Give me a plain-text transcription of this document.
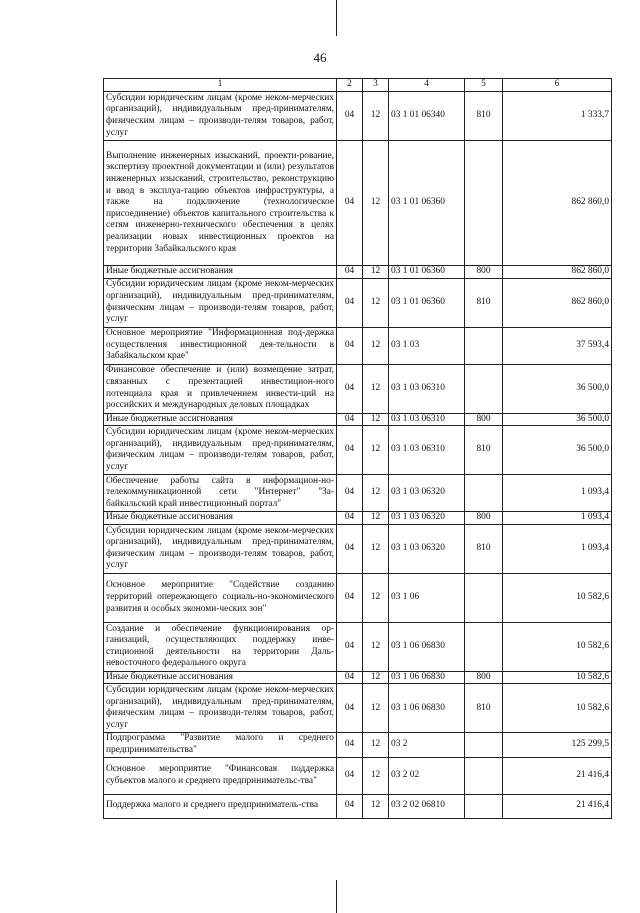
46
1	2	3	4	5	6
Субсидии юридическим лицам (кроме неком-мерческих организаций), индивидуальным пред-принимателям, физическим лицам – производи-телям товаров, работ, услуг	04	12	03 1 01 06340	810	1 333,7
Выполнение инженерных изысканий, проекти-рование, экспертизу проектной документации и (или) результатов инженерных изысканий, строительство, реконструкцию и ввод в эксплуа-тацию объектов инфраструктуры, а также на подключение (технологическое присоединение) объектов капитального строительства к сетям инженерно-технического обеспечения в целях реализации новых инвестиционных проектов на территории Забайкальского края	04	12	03 1 01 06360		862 860,0
Иные бюджетные ассигнования	04	12	03 1 01 06360	800	862 860,0
Субсидии юридическим лицам (кроме неком-мерческих организаций), индивидуальным пред-принимателям, физическим лицам – производи-телям товаров, работ, услуг	04	12	03 1 01 06360	810	862 860,0
Основное мероприятие "Информационная под-держка осуществления инвестиционной дея-тельности в Забайкальском крае"	04	12	03 1 03		37 593,4
Финансовое обеспечение и (или) возмещение затрат, связанных с презентацией инвестицион-ного потенциала края и привлечением инвести-ций на российских и международных деловых площадках	04	12	03 1 03 06310		36 500,0
Иные бюджетные ассигнования	04	12	03 1 03 06310	800	36 500,0
Субсидии юридическим лицам (кроме неком-мерческих организаций), индивидуальным пред-принимателям, физическим лицам – производи-телям товаров, работ, услуг	04	12	03 1 03 06310	810	36 500,0
Обеспечение работы сайта в информацион-но-телекоммуникационной сети "Интернет" "За-байкальский край инвестиционный портал"	04	12	03 1 03 06320		1 093,4
Иные бюджетные ассигнования	04	12	03 1 03 06320	800	1 093,4
Субсидии юридическим лицам (кроме неком-мерческих организаций), индивидуальным пред-принимателям, физическим лицам – производи-телям товаров, работ, услуг	04	12	03 1 03 06320	810	1 093,4
Основное мероприятие "Содействие созданию территорий опережающего социаль-но-экономического развития и особых экономи-ческих зон"	04	12	03 1 06		10 582,6
Создание и обеспечение функционирования ор-ганизаций, осуществляющих поддержку инве-стиционной деятельности на территории Даль-невосточного федерального округа	04	12	03 1 06 06830		10 582,6
Иные бюджетные ассигнования	04	12	03 1 06 06830	800	10 582,6
Субсидии юридическим лицам (кроме неком-мерческих организаций), индивидуальным пред-принимателям, физическим лицам – производи-телям товаров, работ, услуг	04	12	03 1 06 06830	810	10 582,6
Подпрограмма "Развитие малого и среднего предпринимательства"	04	12	03 2		125 299,5
Основное мероприятие "Финансовая поддержка субъектов малого и среднего предпринимательс-тва"	04	12	03 2 02		21 416,4
Поддержка малого и среднего предприниматель-ства	04	12	03 2 02 06810		21 416,4
